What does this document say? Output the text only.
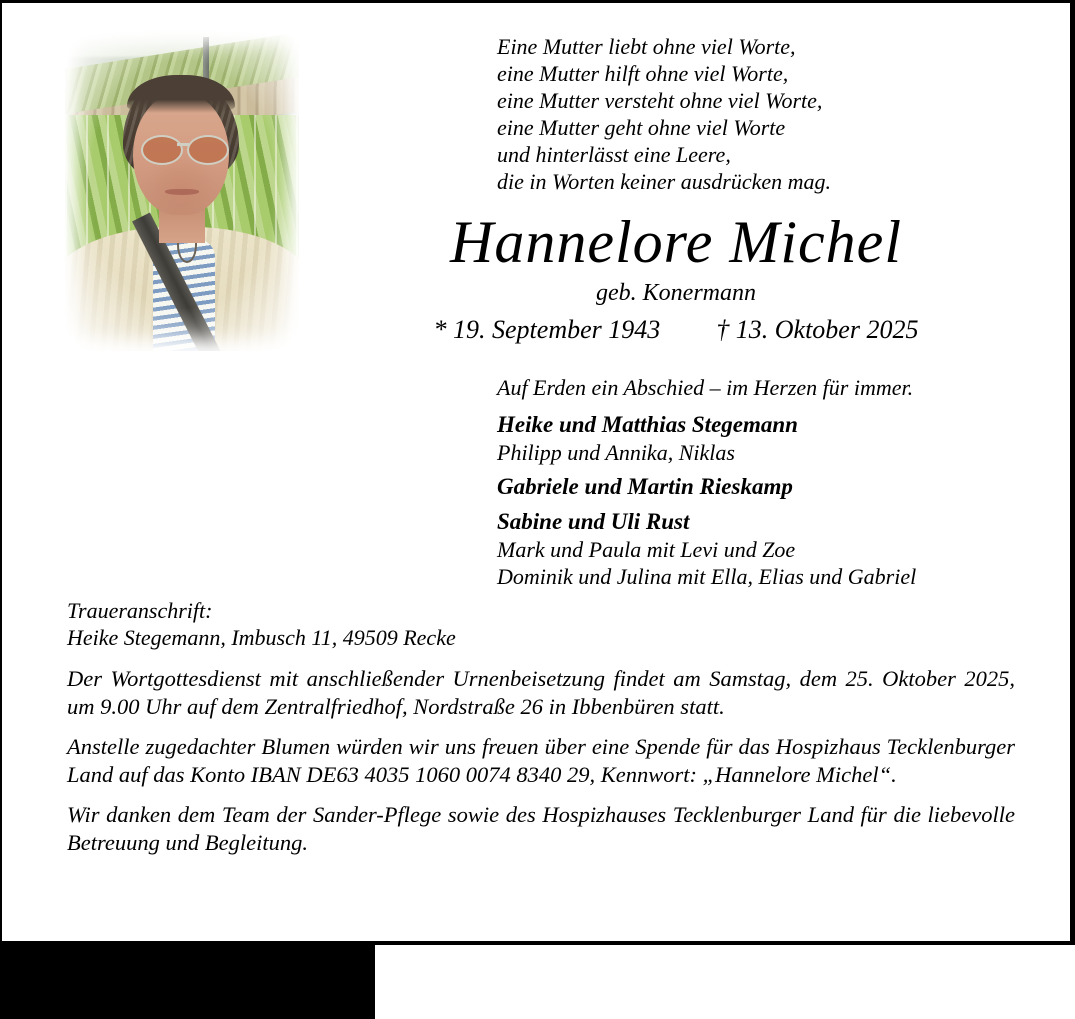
Eine Mutter liebt ohne viel Worte,
eine Mutter hilft ohne viel Worte,
eine Mutter versteht ohne viel Worte,
eine Mutter geht ohne viel Worte
und hinterlässt eine Leere,
die in Worten keiner ausdrücken mag.
Hannelore Michel
geb. Konermann
* 19. September 1943 † 13. Oktober 2025
Auf Erden ein Abschied – im Herzen für immer.
Heike und Matthias Stegemann
Philipp und Annika, Niklas
Gabriele und Martin Rieskamp
Sabine und Uli Rust
Mark und Paula mit Levi und Zoe
Dominik und Julina mit Ella, Elias und Gabriel
Traueranschrift:
Heike Stegemann, Imbusch 11, 49509 Recke

Der Wortgottesdienst mit anschließender Urnenbeisetzung findet am Samstag, dem 25. Oktober 2025, um 9.00 Uhr auf dem Zentralfriedhof, Nordstraße 26 in Ibbenbüren statt.

Anstelle zugedachter Blumen würden wir uns freuen über eine Spende für das Hospizhaus Tecklenburger Land auf das Konto IBAN DE63 4035 1060 0074 8340 29, Kennwort: „Hannelore Michel“.

Wir danken dem Team der Sander-Pflege sowie des Hospizhauses Tecklenburger Land für die liebevolle Betreuung und Begleitung.
